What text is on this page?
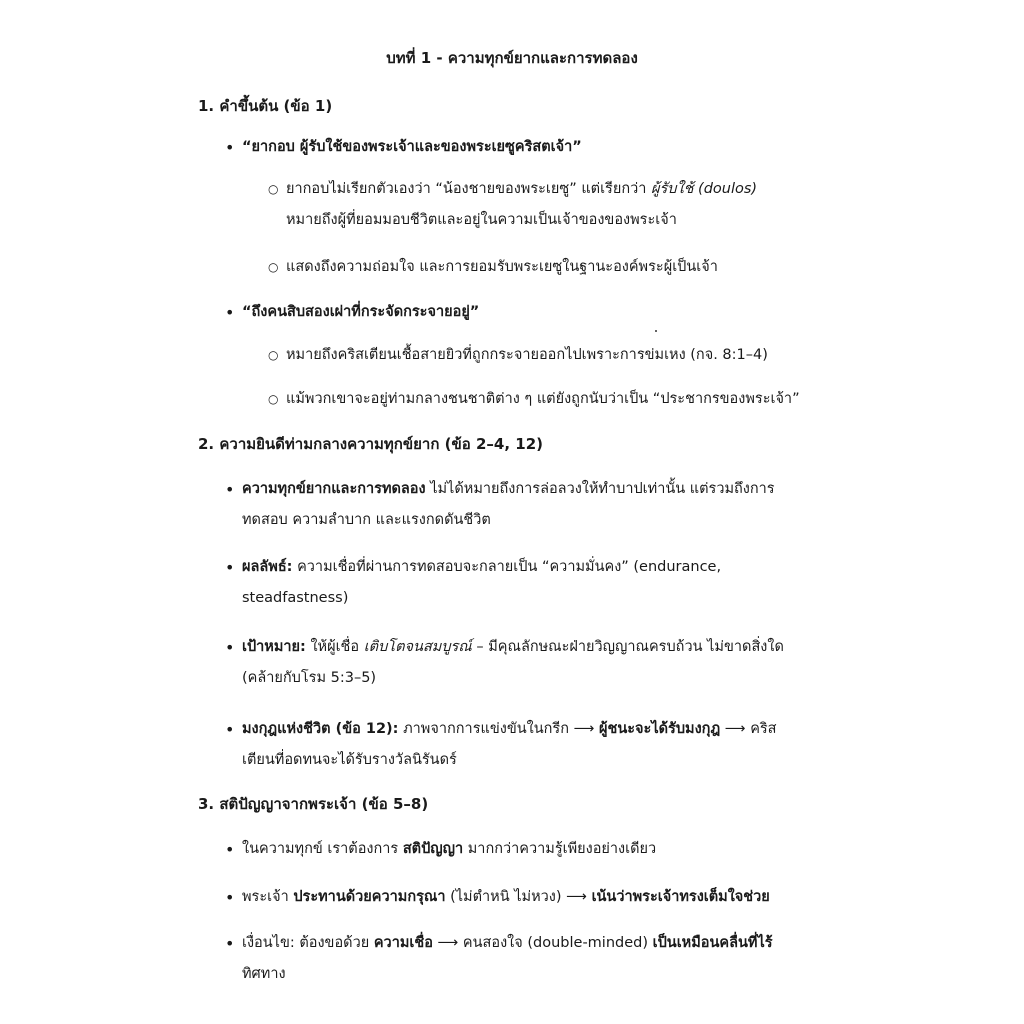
บทที่ 1 - ความทุกข์ยากและการทดลอง
1. คำขึ้นต้น (ข้อ 1)
• “ยากอบ ผู้รับใช้ของพระเจ้าและของพระเยซูคริสตเจ้า”
○ ยากอบไม่เรียกตัวเองว่า “น้องชายของพระเยซู” แต่เรียกว่า ผู้รับใช้ (doulos)
หมายถึงผู้ที่ยอมมอบชีวิตและอยู่ในความเป็นเจ้าของของพระเจ้า
○ แสดงถึงความถ่อมใจ และการยอมรับพระเยซูในฐานะองค์พระผู้เป็นเจ้า
• “ถึงคนสิบสองเผ่าที่กระจัดกระจายอยู่”
○ หมายถึงคริสเตียนเชื้อสายยิวที่ถูกกระจายออกไปเพราะการข่มเหง (กจ. 8:1–4)
○ แม้พวกเขาจะอยู่ท่ามกลางชนชาติต่าง ๆ แต่ยังถูกนับว่าเป็น “ประชากรของพระเจ้า”
2. ความยินดีท่ามกลางความทุกข์ยาก (ข้อ 2–4, 12)
• ความทุกข์ยากและการทดลอง ไม่ได้หมายถึงการล่อลวงให้ทำบาปเท่านั้น แต่รวมถึงการ
ทดสอบ ความลำบาก และแรงกดดันชีวิต
• ผลลัพธ์: ความเชื่อที่ผ่านการทดสอบจะกลายเป็น “ความมั่นคง” (endurance,
steadfastness)
• เป้าหมาย: ให้ผู้เชื่อ เติบโตจนสมบูรณ์ – มีคุณลักษณะฝ่ายวิญญาณครบถ้วน ไม่ขาดสิ่งใด
(คล้ายกับโรม 5:3–5)
• มงกุฎแห่งชีวิต (ข้อ 12): ภาพจากการแข่งขันในกรีก ⟶ ผู้ชนะจะได้รับมงกุฎ ⟶ คริส
เตียนที่อดทนจะได้รับรางวัลนิรันดร์
3. สติปัญญาจากพระเจ้า (ข้อ 5–8)
• ในความทุกข์ เราต้องการ สติปัญญา มากกว่าความรู้เพียงอย่างเดียว
• พระเจ้า ประทานด้วยความกรุณา (ไม่ตำหนิ ไม่หวง) ⟶ เน้นว่าพระเจ้าทรงเต็มใจช่วย
• เงื่อนไข: ต้องขอด้วย ความเชื่อ ⟶ คนสองใจ (double-minded) เป็นเหมือนคลื่นที่ไร้
ทิศทาง
